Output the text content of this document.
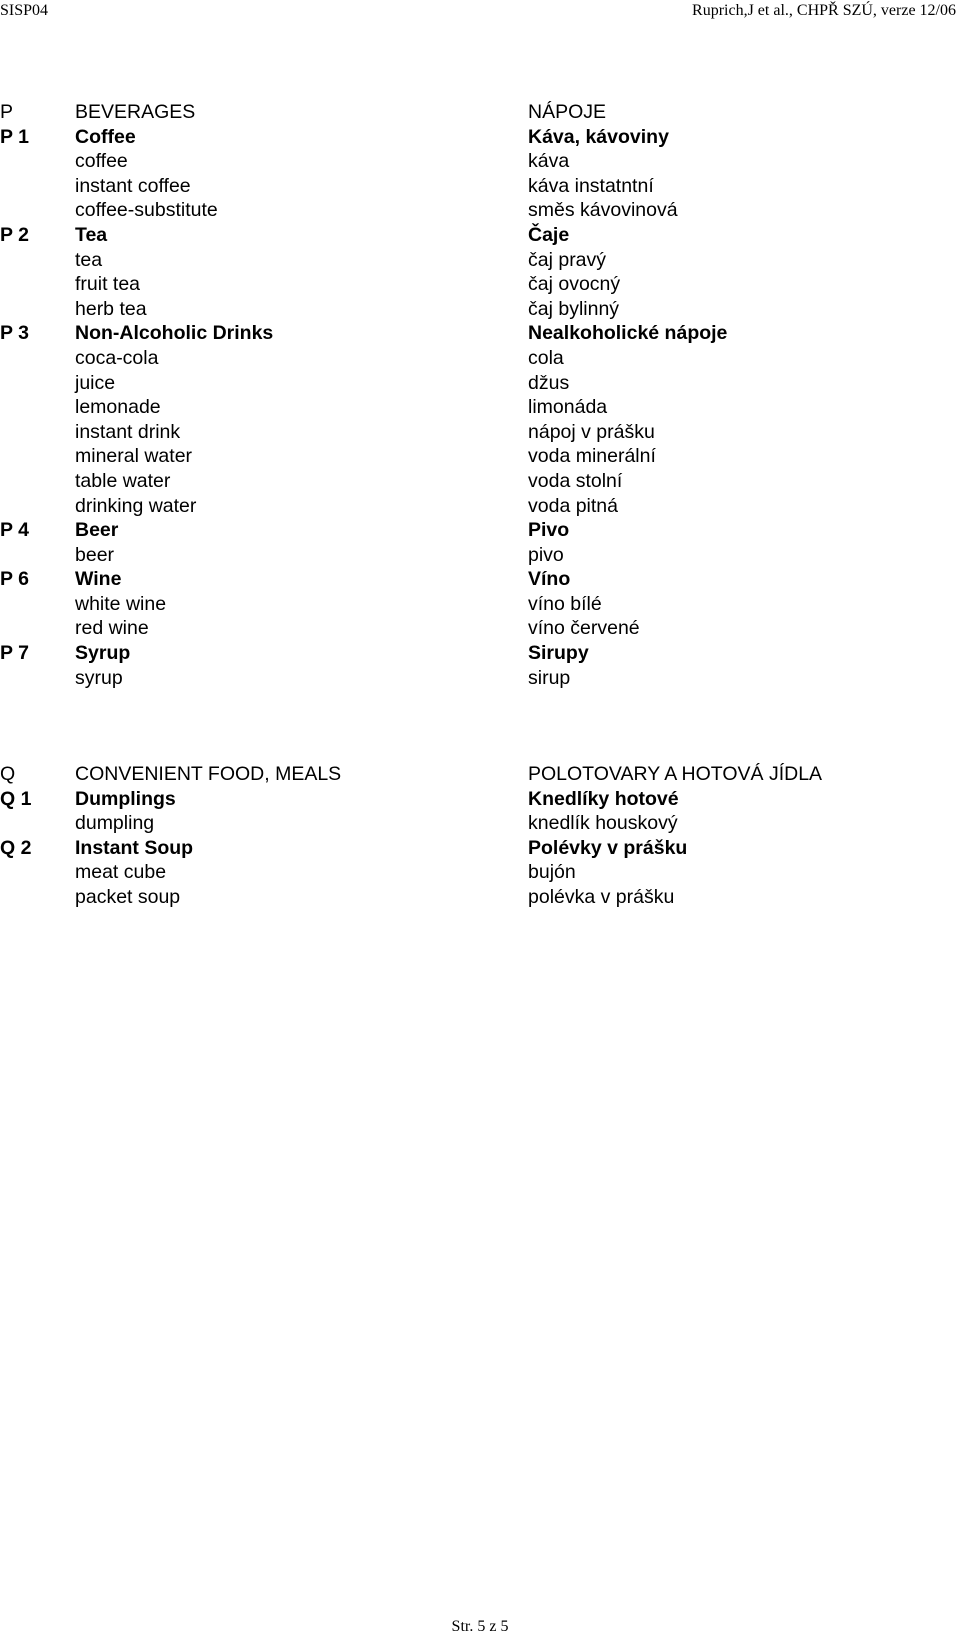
SISP04	Ruprich,J et al., CHPŘ SZÚ, verze 12/06
P	BEVERAGES	NÁPOJE
P 1 Coffee	Káva, kávoviny
coffee	káva
instant coffee	káva instatntní
coffee-substitute	směs kávovinová
P 2 Tea	Čaje
tea	čaj pravý
fruit tea	čaj ovocný
herb tea	čaj bylinný
P 3 Non-Alcoholic Drinks	Nealkoholické nápoje
coca-cola	cola
juice	džus
lemonade	limonáda
instant drink	nápoj v prášku
mineral water	voda minerální
table water	voda stolní
drinking water	voda pitná
P 4 Beer	Pivo
beer	pivo
P 6 Wine	Víno
white wine	víno bílé
red wine	víno červené
P 7 Syrup	Sirupy
syrup	sirup
Q	CONVENIENT FOOD, MEALS	POLOTOVARY A HOTOVÁ JÍDLA
Q 1 Dumplings	Knedlíky hotové
dumpling	knedlík houskový
Q 2 Instant Soup	Polévky v prášku
meat cube	bujón
packet soup	polévka v prášku
Str. 5 z 5
